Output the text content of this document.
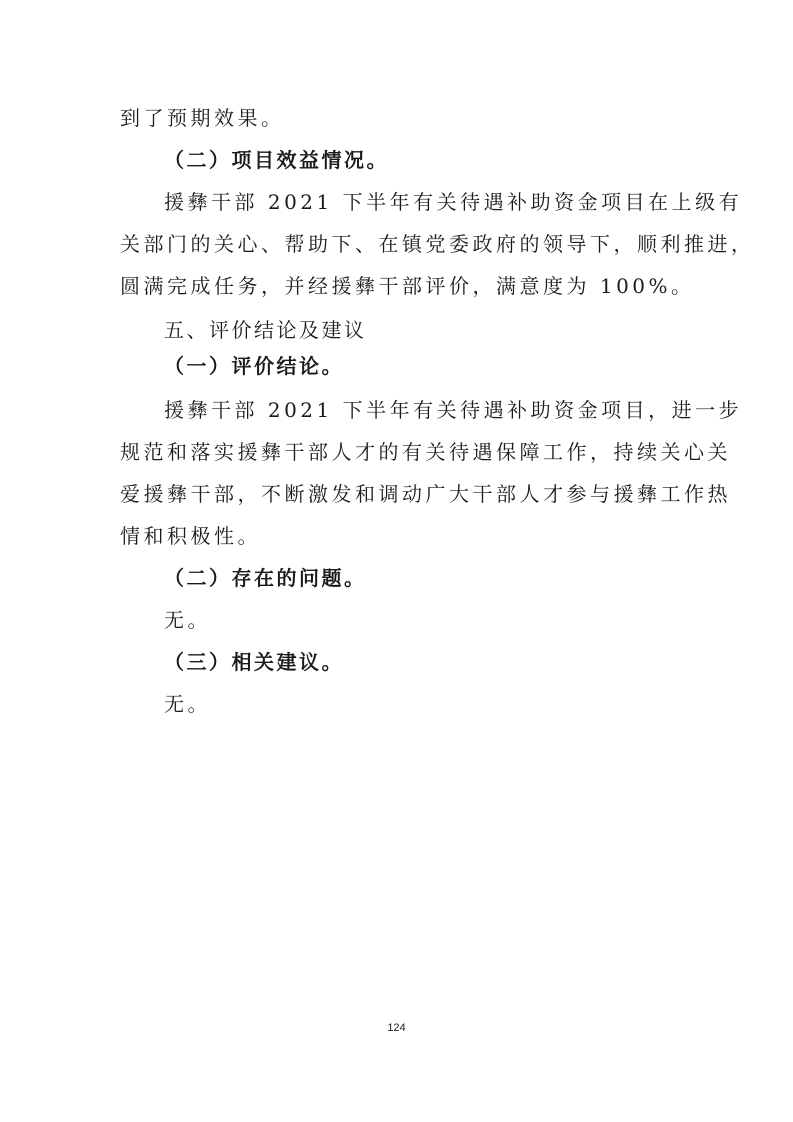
到了预期效果。
（二）项目效益情况。
援彝干部 2021 下半年有关待遇补助资金项目在上级有
关部门的关心、帮助下、在镇党委政府的领导下，顺利推进，
圆满完成任务，并经援彝干部评价，满意度为 100%。
五、评价结论及建议
（一）评价结论。
援彝干部 2021 下半年有关待遇补助资金项目，进一步
规范和落实援彝干部人才的有关待遇保障工作，持续关心关
爱援彝干部，不断激发和调动广大干部人才参与援彝工作热
情和积极性。
（二）存在的问题。
无。
（三）相关建议。
无。
124
